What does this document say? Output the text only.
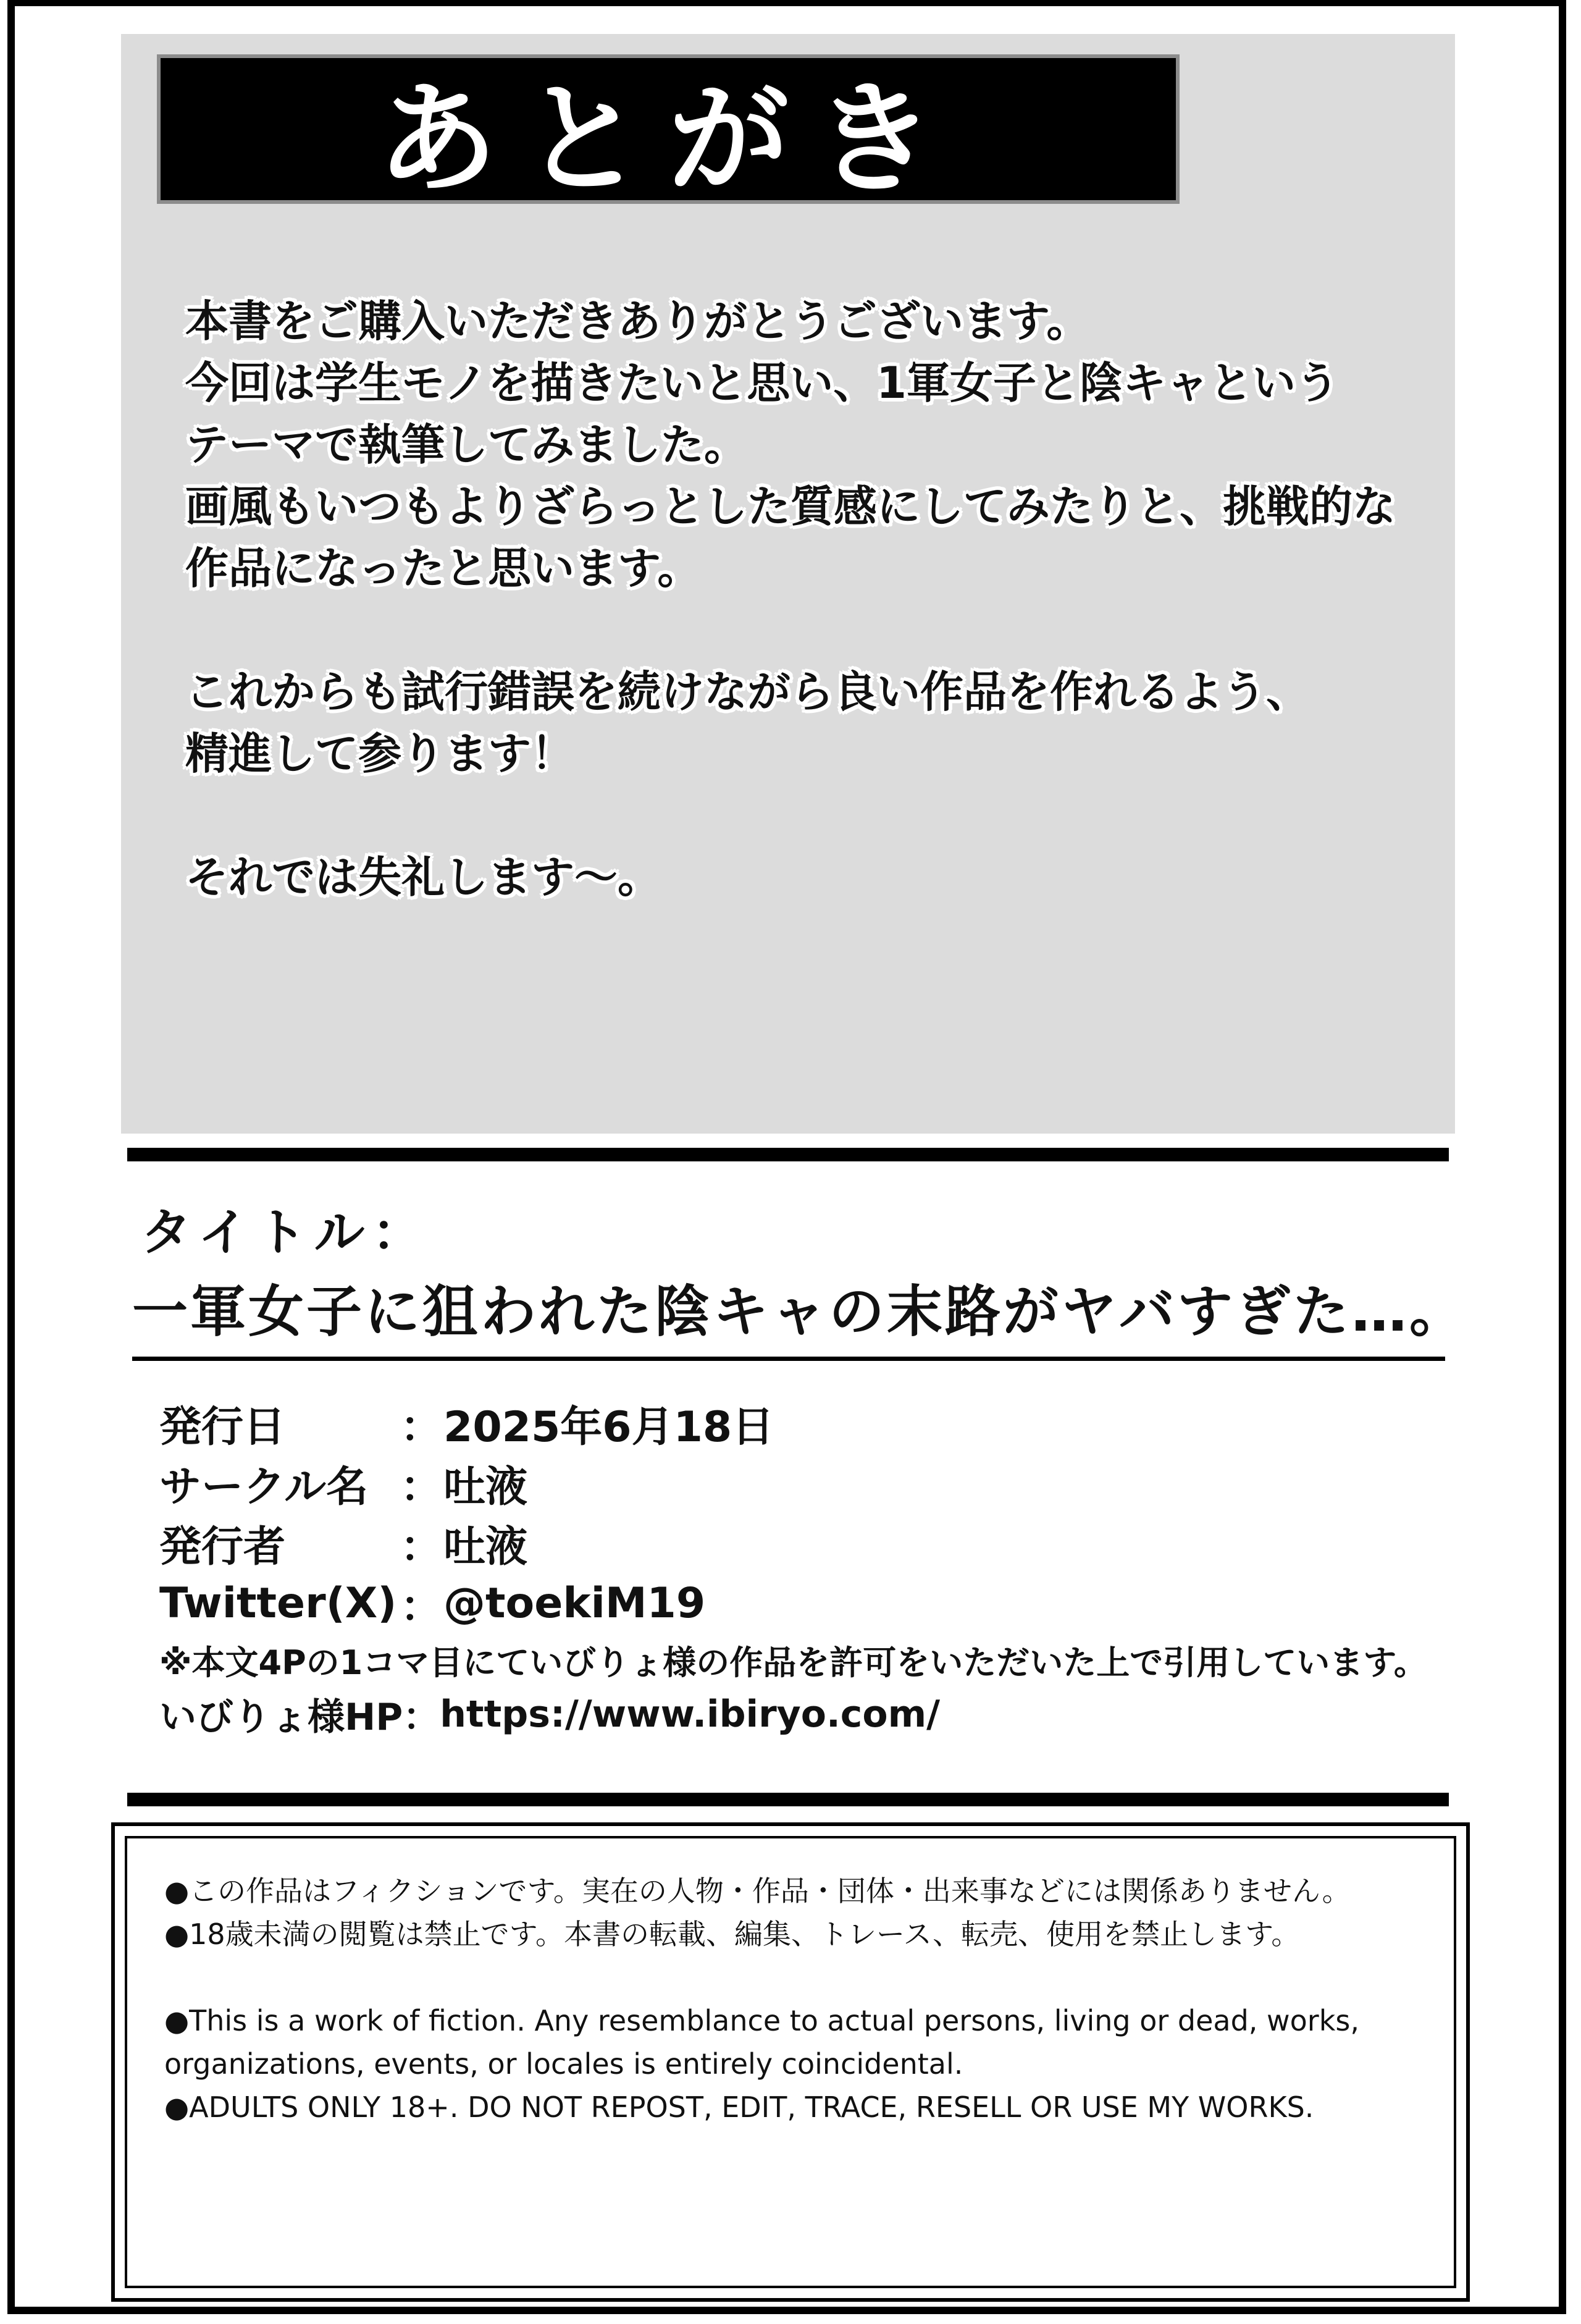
あとがき
本書をご購入いただきありがとうございます。
今回は学生モノを描きたいと思い、1軍女子と陰キャという
テーマで執筆してみました。
画風もいつもよりざらっとした質感にしてみたりと、挑戦的な
作品になったと思います。
これからも試行錯誤を続けながら良い作品を作れるよう、
精進して参ります！
それでは失礼します～。
タイトル：
一軍女子に狙われた陰キャの末路がヤバすぎた…。
発行日	： 2025年6月18日
サークル名 ： 吐液
発行者	： 吐液
Twitter(X) ： @toekiM19
※本文4Pの1コマ目にていびりょ様の作品を許可をいただいた上で引用しています。
いびりょ様HP： https://www.ibiryo.com/
●この作品はフィクションです。実在の人物・作品・団体・出来事などには関係ありません。
●18歳未満の閲覧は禁止です。本書の転載、編集、トレース、転売、使用を禁止します。
●This is a work of fiction. Any resemblance to actual persons, living or dead, works,
organizations, events, or locales is entirely coincidental.
●ADULTS ONLY 18+. DO NOT REPOST, EDIT, TRACE, RESELL OR USE MY WORKS.
